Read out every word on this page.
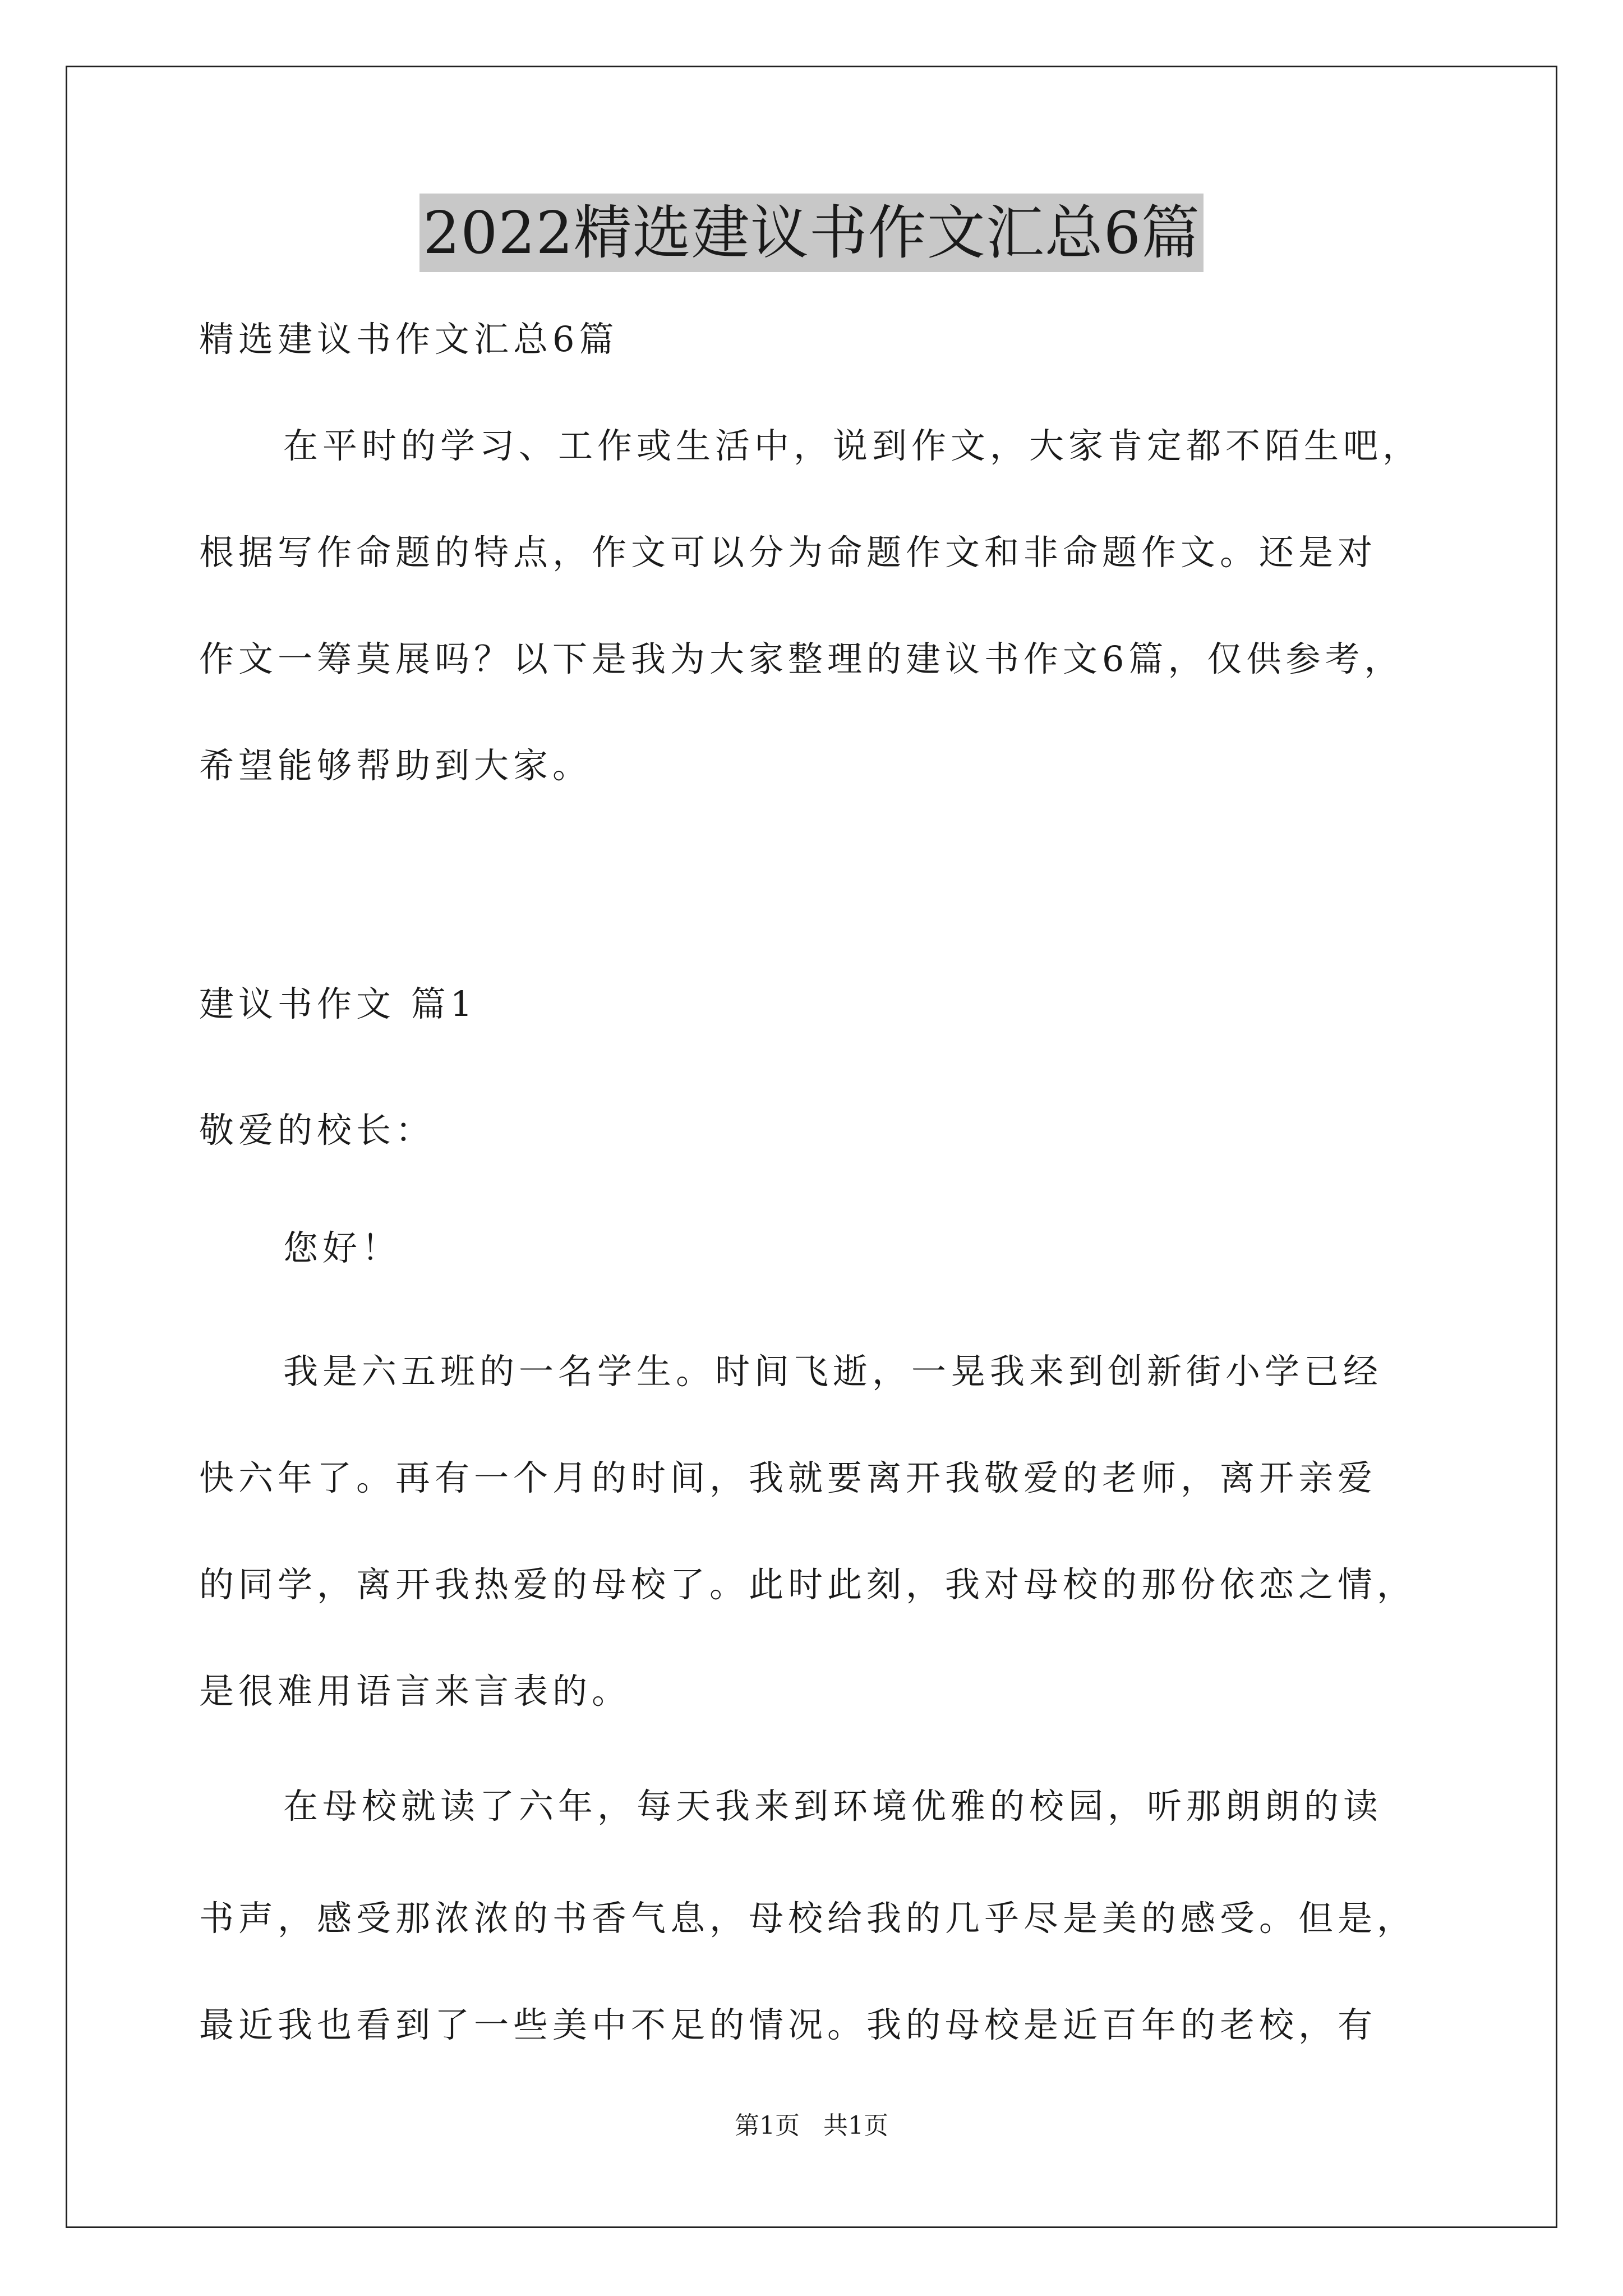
2022精选建议书作文汇总6篇
精选建议书作文汇总6篇
在平时的学习、工作或生活中，说到作文，大家肯定都不陌生吧，
根据写作命题的特点，作文可以分为命题作文和非命题作文。还是对
作文一筹莫展吗？以下是我为大家整理的建议书作文6篇，仅供参考，
希望能够帮助到大家。
建议书作文 篇1
敬爱的校长：
您好！
我是六五班的一名学生。时间飞逝，一晃我来到创新街小学已经
快六年了。再有一个月的时间，我就要离开我敬爱的老师，离开亲爱
的同学，离开我热爱的母校了。此时此刻，我对母校的那份依恋之情，
是很难用语言来言表的。
在母校就读了六年，每天我来到环境优雅的校园，听那朗朗的读
书声，感受那浓浓的书香气息，母校给我的几乎尽是美的感受。但是，
最近我也看到了一些美中不足的情况。我的母校是近百年的老校，有
第1页 共1页
